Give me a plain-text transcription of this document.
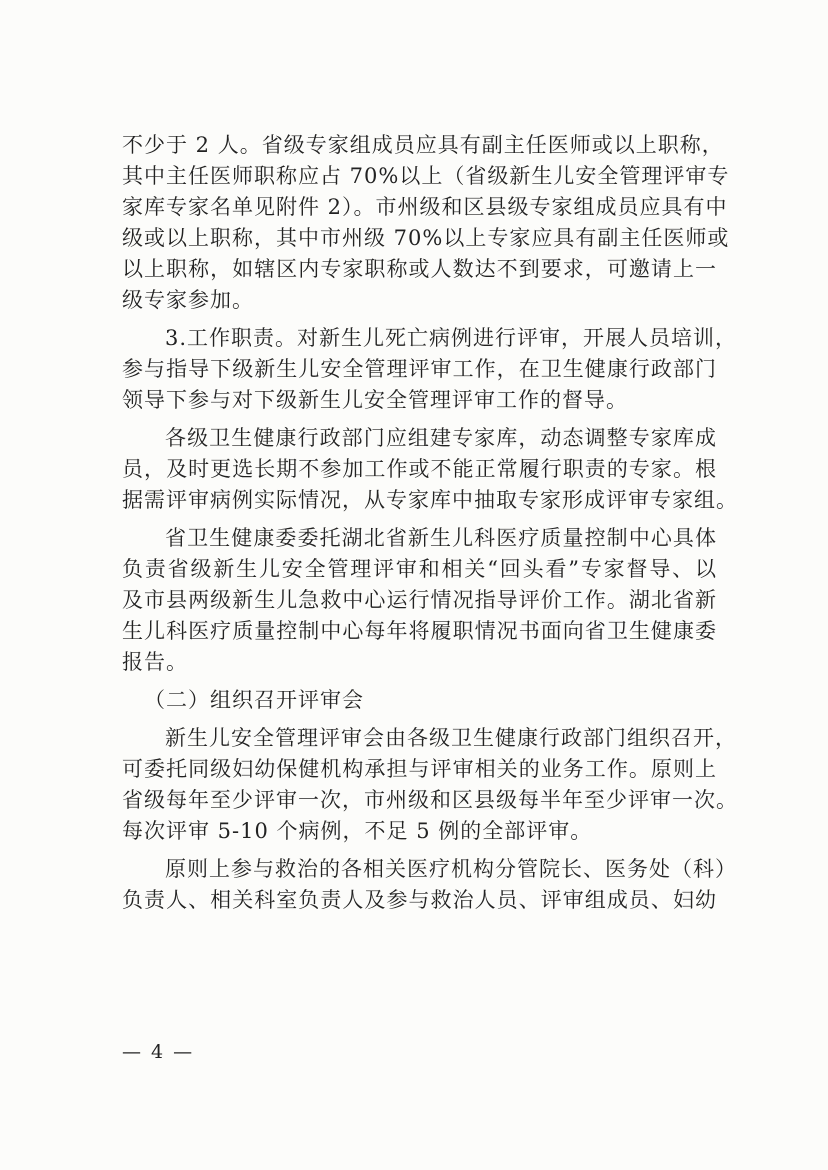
不少于 2 人。省级专家组成员应具有副主任医师或以上职称，
其中主任医师职称应占 70%以上（省级新生儿安全管理评审专
家库专家名单见附件 2）。市州级和区县级专家组成员应具有中
级或以上职称，其中市州级 70%以上专家应具有副主任医师或
以上职称，如辖区内专家职称或人数达不到要求，可邀请上一
级专家参加。
3.工作职责。对新生儿死亡病例进行评审，开展人员培训，
参与指导下级新生儿安全管理评审工作，在卫生健康行政部门
领导下参与对下级新生儿安全管理评审工作的督导。
各级卫生健康行政部门应组建专家库，动态调整专家库成
员，及时更选长期不参加工作或不能正常履行职责的专家。根
据需评审病例实际情况，从专家库中抽取专家形成评审专家组。
省卫生健康委委托湖北省新生儿科医疗质量控制中心具体
负责省级新生儿安全管理评审和相关“回头看”专家督导、以
及市县两级新生儿急救中心运行情况指导评价工作。湖北省新
生儿科医疗质量控制中心每年将履职情况书面向省卫生健康委
报告。
（二）组织召开评审会
新生儿安全管理评审会由各级卫生健康行政部门组织召开，
可委托同级妇幼保健机构承担与评审相关的业务工作。原则上
省级每年至少评审一次，市州级和区县级每半年至少评审一次。
每次评审 5-10 个病例，不足 5 例的全部评审。
原则上参与救治的各相关医疗机构分管院长、医务处（科）
负责人、相关科室负责人及参与救治人员、评审组成员、妇幼
— 4 —
